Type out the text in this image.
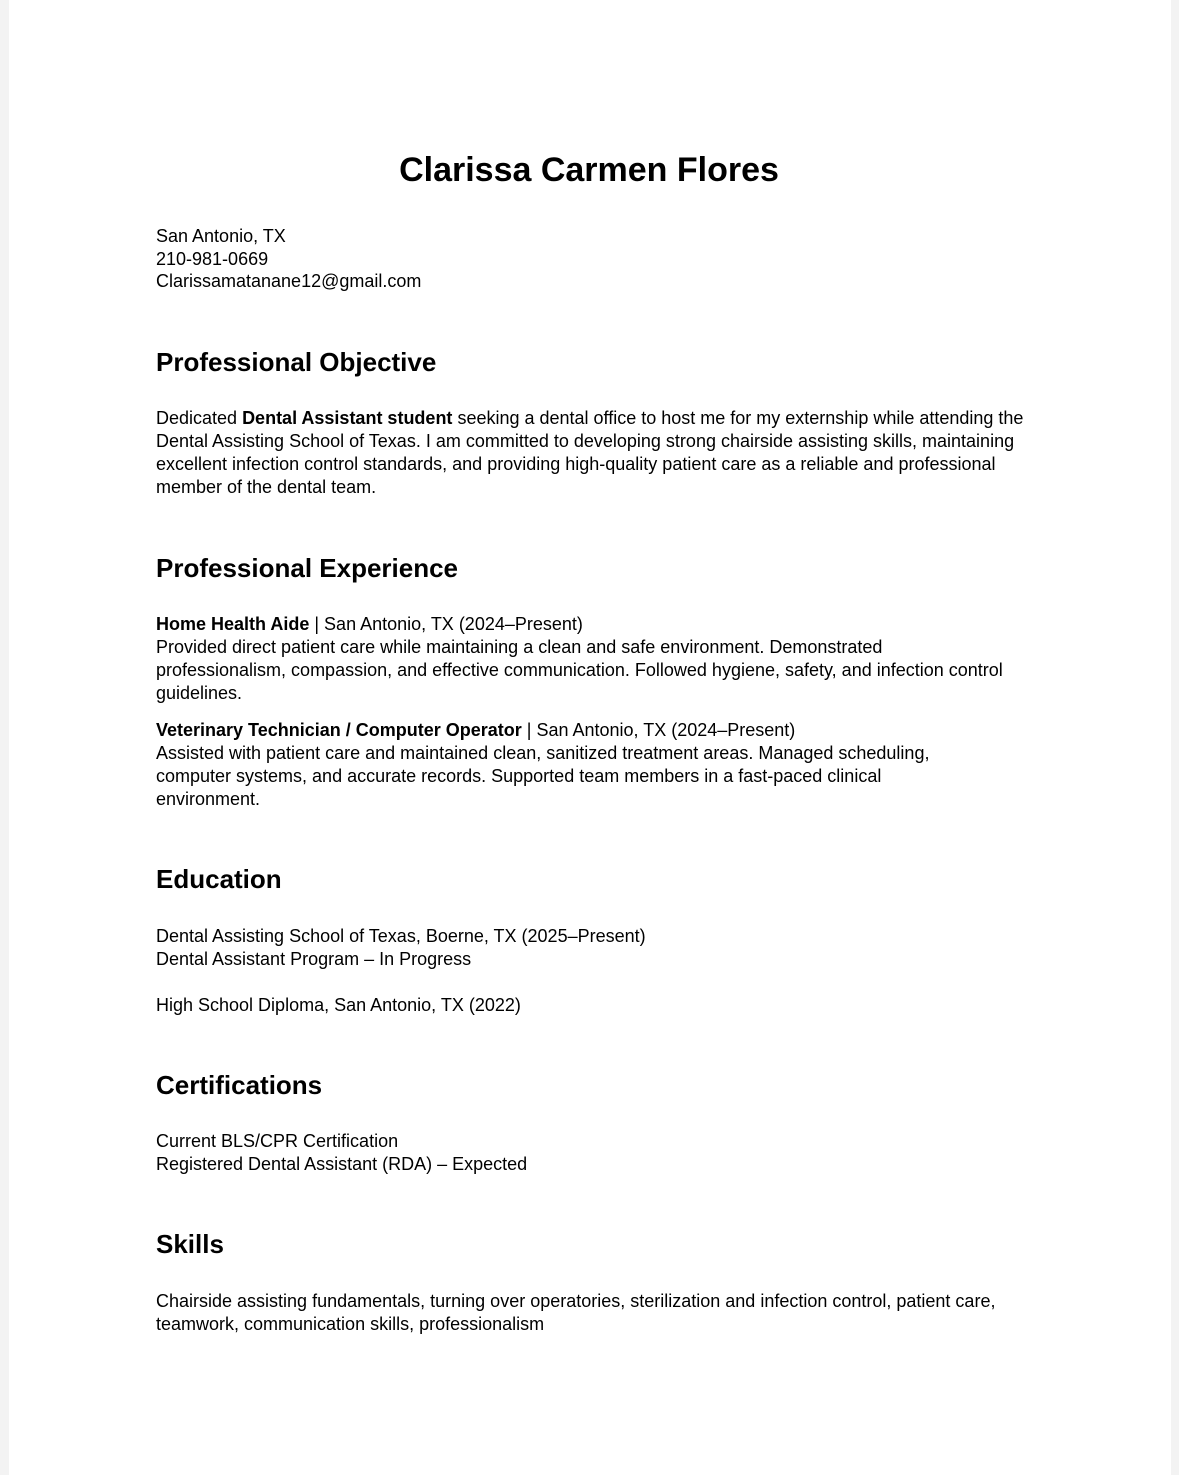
Clarissa Carmen Flores
San Antonio, TX
210-981-0669
Clarissamatanane12@gmail.com
Professional Objective

Dedicated Dental Assistant student seeking a dental office to host me for my externship while attending the Dental Assisting School of Texas. I am committed to developing strong chairside assisting skills, maintaining excellent infection control standards, and providing high-quality patient care as a reliable and professional member of the dental team.

Professional Experience
Home Health Aide | San Antonio, TX (2024–Present)
Provided direct patient care while maintaining a clean and safe environment. Demonstrated professionalism, compassion, and effective communication. Followed hygiene, safety, and infection control guidelines.
Veterinary Technician / Computer Operator | San Antonio, TX (2024–Present)
Assisted with patient care and maintained clean, sanitized treatment areas. Managed scheduling, computer systems, and accurate records. Supported team members in a fast-paced clinical environment.
Education
Dental Assisting School of Texas, Boerne, TX (2025–Present)
Dental Assistant Program – In Progress
High School Diploma, San Antonio, TX (2022)
Certifications
Current BLS/CPR Certification
Registered Dental Assistant (RDA) – Expected
Skills

Chairside assisting fundamentals, turning over operatories, sterilization and infection control, patient care, teamwork, communication skills, professionalism
